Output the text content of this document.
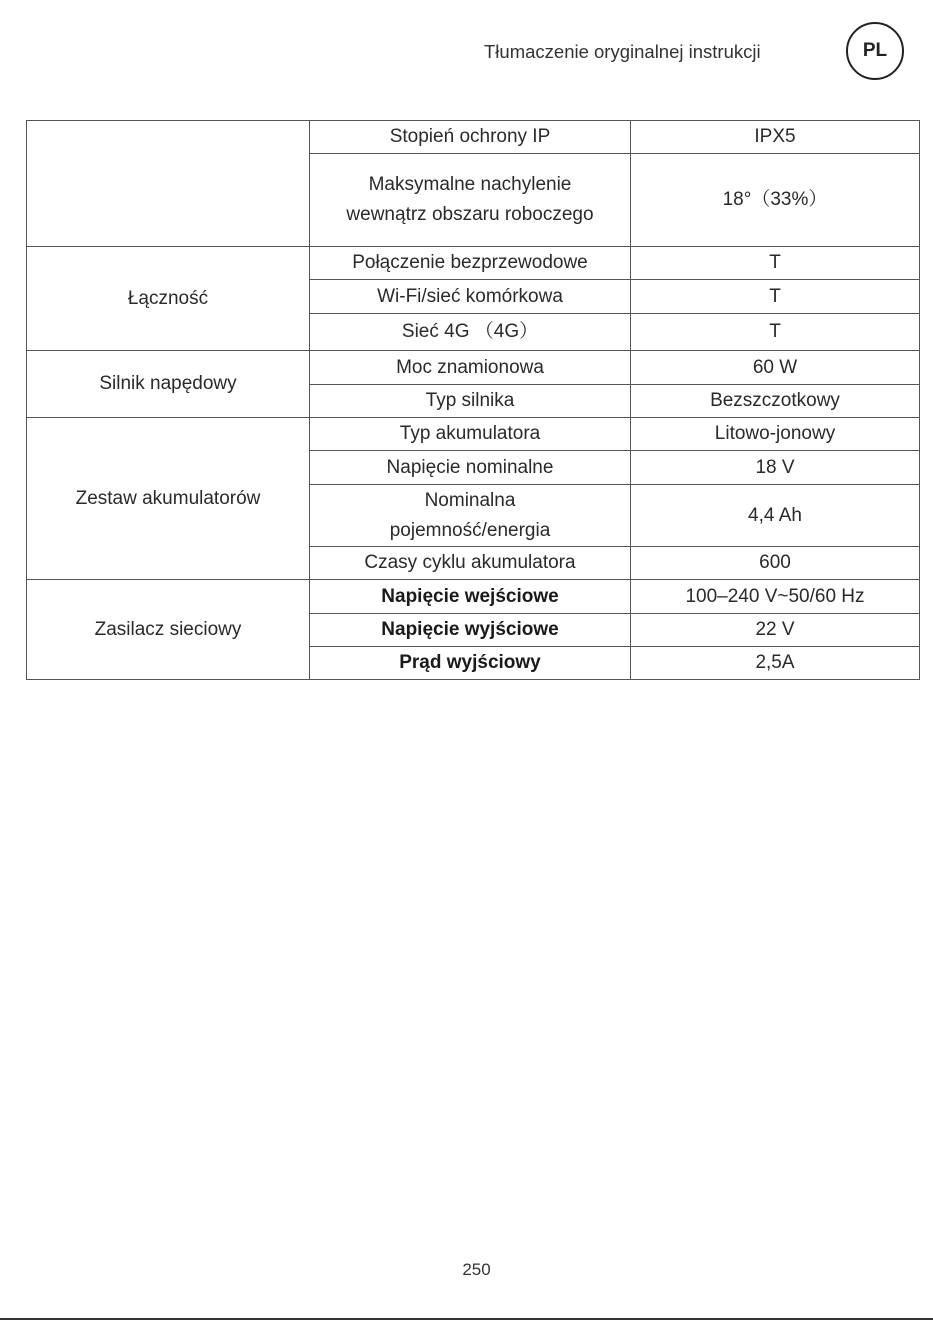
Tłumaczenie oryginalnej instrukcji	PL
	Stopień ochrony IP	IPX5
	Maksymalne nachylenie wewnątrz obszaru roboczego	18°（33%）
Łączność	Połączenie bezprzewodowe	T
	Wi-Fi/sieć komórkowa	T
	Sieć 4G （4G）	T
Silnik napędowy	Moc znamionowa	60 W
	Typ silnika	Bezszczotkowy
Zestaw akumulatorów	Typ akumulatora	Litowo-jonowy
	Napięcie nominalne	18 V
	Nominalna pojemność/energia	4,4 Ah
	Czasy cyklu akumulatora	600
Zasilacz sieciowy	Napięcie wejściowe	100–240 V~50/60 Hz
	Napięcie wyjściowe	22 V
	Prąd wyjściowy	2,5A
250
